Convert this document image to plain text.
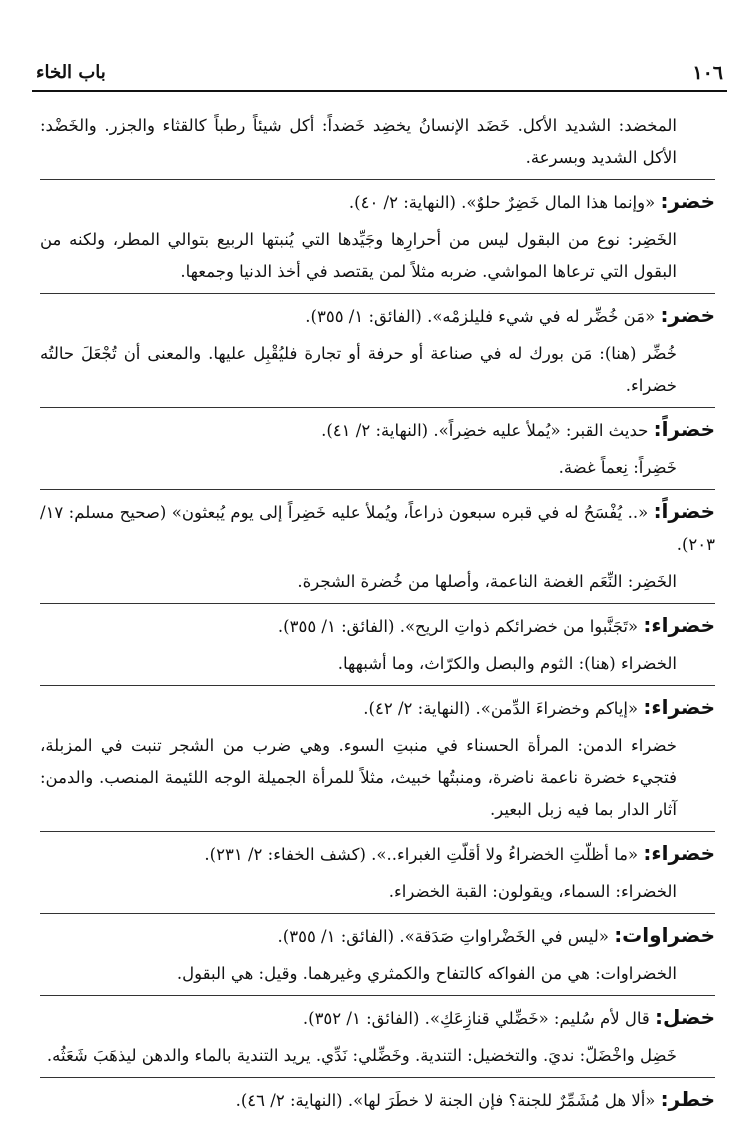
١٠٦
باب الخاء

المخضد: الشديد الأكل. خَضَد الإنسانُ يخضِد خَضداً: أكل شيئاً رطباً كالقثاء والجزر. والخَضْد: الأكل الشديد وبسرعة.

خضر: «وإنما هذا المال خَضِرٌ حلوٌ». (النهاية: ٢/ ٤٠).

الخَضِر: نوع من البقول ليس من أحرارِها وجَيِّدها التي يُنبتها الربيع بتوالي المطر، ولكنه من البقول التي ترعاها المواشي. ضربه مثلاً لمن يقتصد في أخذ الدنيا وجمعها.

خضر: «مَن خُضِّر له في شيء فليلزمْه». (الفائق: ١/ ٣٥٥).

خُضِّر (هنا): مَن بورك له في صناعة أو حرفة أو تجارة فليُقْبِل عليها. والمعنى أن تُجْعَلَ حالتُه خضراء.

خضراً: حديث القبر: «يُملأ عليه خضِراً». (النهاية: ٢/ ٤١).

خَضِراً: نِعماً غضة.

خضراً: «.. يُفْسَحُ له في قبره سبعون ذراعاً، ويُملأ عليه خَضِراً إلى يوم يُبعثون» (صحيح مسلم: ١٧/ ٢٠٣).

الخَضِر: النِّعَم الغضة الناعمة، وأصلها من خُضرة الشجرة.

خضراء: «تَجَنَّبوا من خضرائكم ذواتِ الريح». (الفائق: ١/ ٣٥٥).

الخضراء (هنا): الثوم والبصل والكرّاث، وما أشبهها.

خضراء: «إياكم وخضراءَ الدِّمن». (النهاية: ٢/ ٤٢).

خضراء الدمن: المرأة الحسناء في منبتِ السوء. وهي ضرب من الشجر تنبت في المزبلة، فتجيء خضرة ناعمة ناضرة، ومنبتُها خبيث، مثلاً للمرأة الجميلة الوجه اللئيمة المنصب. والدمن: آثار الدار بما فيه زبل البعير.

خضراء: «ما أظلّتِ الخضراءُ ولا أقلّتِ الغبراء..». (كشف الخفاء: ٢/ ٢٣١).

الخضراء: السماء، ويقولون: القبة الخضراء.

خضراوات: «ليس في الخَضْراواتِ صَدَقة». (الفائق: ١/ ٣٥٥).

الخضراوات: هي من الفواكه كالتفاح والكمثري وغيرهما. وقيل: هي البقول.

خضل: قال لأم سُليم: «خَضِّلي قنازِعَكِ». (الفائق: ١/ ٣٥٢).

خَضِل واخْضَلّ: نديَ. والتخضيل: التندية. وخَضِّلي: نَدِّي. يريد التندية بالماء والدهن ليذهَبَ شَعَثُه.

خطر: «ألا هل مُشَمِّرٌ للجنة؟ فإن الجنة لا خطَرَ لها». (النهاية: ٢/ ٤٦).
